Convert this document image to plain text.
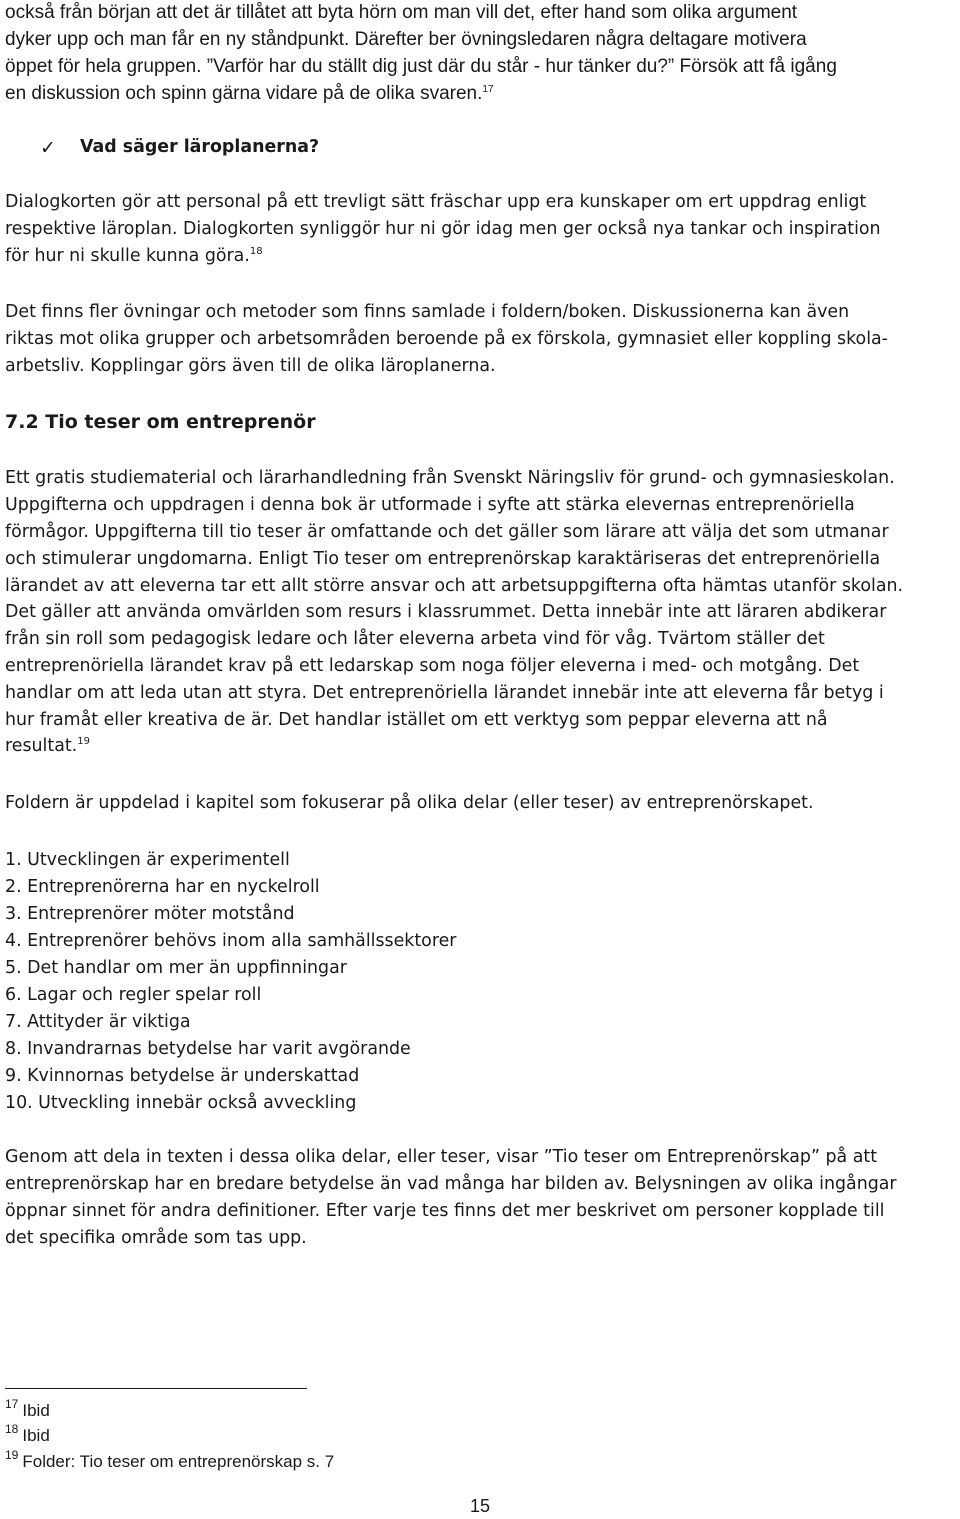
också från början att det är tillåtet att byta hörn om man vill det, efter hand som olika argument
dyker upp och man får en ny ståndpunkt. Därefter ber övningsledaren några deltagare motivera
öppet för hela gruppen. ”Varför har du ställt dig just där du står - hur tänker du?” Försök att få igång
en diskussion och spinn gärna vidare på de olika svaren.$^{17}$
✓ Vad säger läroplanerna?
Dialogkorten gör att personal på ett trevligt sätt fräschar upp era kunskaper om ert uppdrag enligt
respektive läroplan. Dialogkorten synliggör hur ni gör idag men ger också nya tankar och inspiration
för hur ni skulle kunna göra.$^{18}$
Det finns fler övningar och metoder som finns samlade i foldern/boken. Diskussionerna kan även
riktas mot olika grupper och arbetsområden beroende på ex förskola, gymnasiet eller koppling skola-
arbetsliv. Kopplingar görs även till de olika läroplanerna.
7.2 Tio teser om entreprenör
Ett gratis studiematerial och lärarhandledning från Svenskt Näringsliv för grund- och gymnasieskolan.
Uppgifterna och uppdragen i denna bok är utformade i syfte att stärka elevernas entreprenöriella
förmågor. Uppgifterna till tio teser är omfattande och det gäller som lärare att välja det som utmanar
och stimulerar ungdomarna. Enligt Tio teser om entreprenörskap karaktäriseras det entreprenöriella
lärandet av att eleverna tar ett allt större ansvar och att arbetsuppgifterna ofta hämtas utanför skolan.
Det gäller att använda omvärlden som resurs i klassrummet. Detta innebär inte att läraren abdikerar
från sin roll som pedagogisk ledare och låter eleverna arbeta vind för våg. Tvärtom ställer det
entreprenöriella lärandet krav på ett ledarskap som noga följer eleverna i med- och motgång. Det
handlar om att leda utan att styra. Det entreprenöriella lärandet innebär inte att eleverna får betyg i
hur framåt eller kreativa de är. Det handlar istället om ett verktyg som peppar eleverna att nå
resultat.$^{19}$
Foldern är uppdelad i kapitel som fokuserar på olika delar (eller teser) av entreprenörskapet.
1. Utvecklingen är experimentell
2. Entreprenörerna har en nyckelroll
3. Entreprenörer möter motstånd
4. Entreprenörer behövs inom alla samhällssektorer
5. Det handlar om mer än uppfinningar
6. Lagar och regler spelar roll
7. Attityder är viktiga
8. Invandrarnas betydelse har varit avgörande
9. Kvinnornas betydelse är underskattad
10. Utveckling innebär också avveckling
Genom att dela in texten i dessa olika delar, eller teser, visar ”Tio teser om Entreprenörskap” på att
entreprenörskap har en bredare betydelse än vad många har bilden av. Belysningen av olika ingångar
öppnar sinnet för andra definitioner. Efter varje tes finns det mer beskrivet om personer kopplade till
det specifika område som tas upp.
$^{17}$ Ibid
$^{18}$ Ibid
$^{19}$ Folder: Tio teser om entreprenörskap s. 7
15
